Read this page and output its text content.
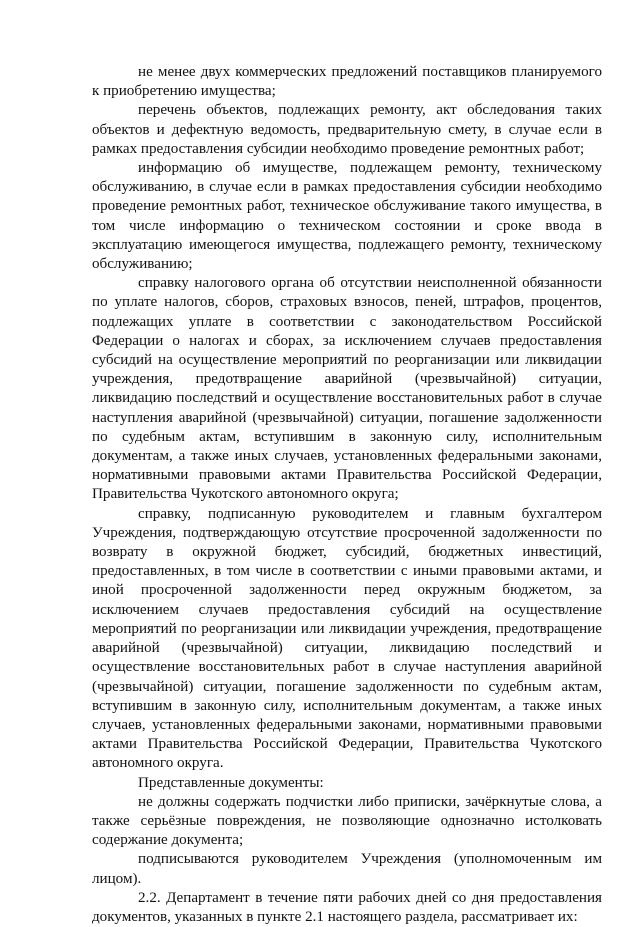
не менее двух коммерческих предложений поставщиков планируемого к приобретению имущества;

перечень объектов, подлежащих ремонту, акт обследования таких объектов и дефектную ведомость, предварительную смету, в случае если в рамках предоставления субсидии необходимо проведение ремонтных работ;

информацию об имуществе, подлежащем ремонту, техническому обслуживанию, в случае если в рамках предоставления субсидии необходимо проведение ремонтных работ, техническое обслуживание такого имущества, в том числе информацию о техническом состоянии и сроке ввода в эксплуатацию имеющегося имущества, подлежащего ремонту, техническому обслуживанию;

справку налогового органа об отсутствии неисполненной обязанности по уплате налогов, сборов, страховых взносов, пеней, штрафов, процентов, подлежащих уплате в соответствии с законодательством Российской Федерации о налогах и сборах, за исключением случаев предоставления субсидий на осуществление мероприятий по реорганизации или ликвидации учреждения, предотвращение аварийной (чрезвычайной) ситуации, ликвидацию последствий и осуществление восстановительных работ в случае наступления аварийной (чрезвычайной) ситуации, погашение задолженности по судебным актам, вступившим в законную силу, исполнительным документам, а также иных случаев, установленных федеральными законами, нормативными правовыми актами Правительства Российской Федерации, Правительства Чукотского автономного округа;

справку, подписанную руководителем и главным бухгалтером Учреждения, подтверждающую отсутствие просроченной задолженности по возврату в окружной бюджет, субсидий, бюджетных инвестиций, предоставленных, в том числе в соответствии с иными правовыми актами, и иной просроченной задолженности перед окружным бюджетом, за исключением случаев предоставления субсидий на осуществление мероприятий по реорганизации или ликвидации учреждения, предотвращение аварийной (чрезвычайной) ситуации, ликвидацию последствий и осуществление восстановительных работ в случае наступления аварийной (чрезвычайной) ситуации, погашение задолженности по судебным актам, вступившим в законную силу, исполнительным документам, а также иных случаев, установленных федеральными законами, нормативными правовыми актами Правительства Российской Федерации, Правительства Чукотского автономного округа.

Представленные документы:

не должны содержать подчистки либо приписки, зачёркнутые слова, а также серьёзные повреждения, не позволяющие однозначно истолковать содержание документа;

подписываются руководителем Учреждения (уполномоченным им лицом).

2.2. Департамент в течение пяти рабочих дней со дня предоставления документов, указанных в пункте 2.1 настоящего раздела, рассматривает их:
